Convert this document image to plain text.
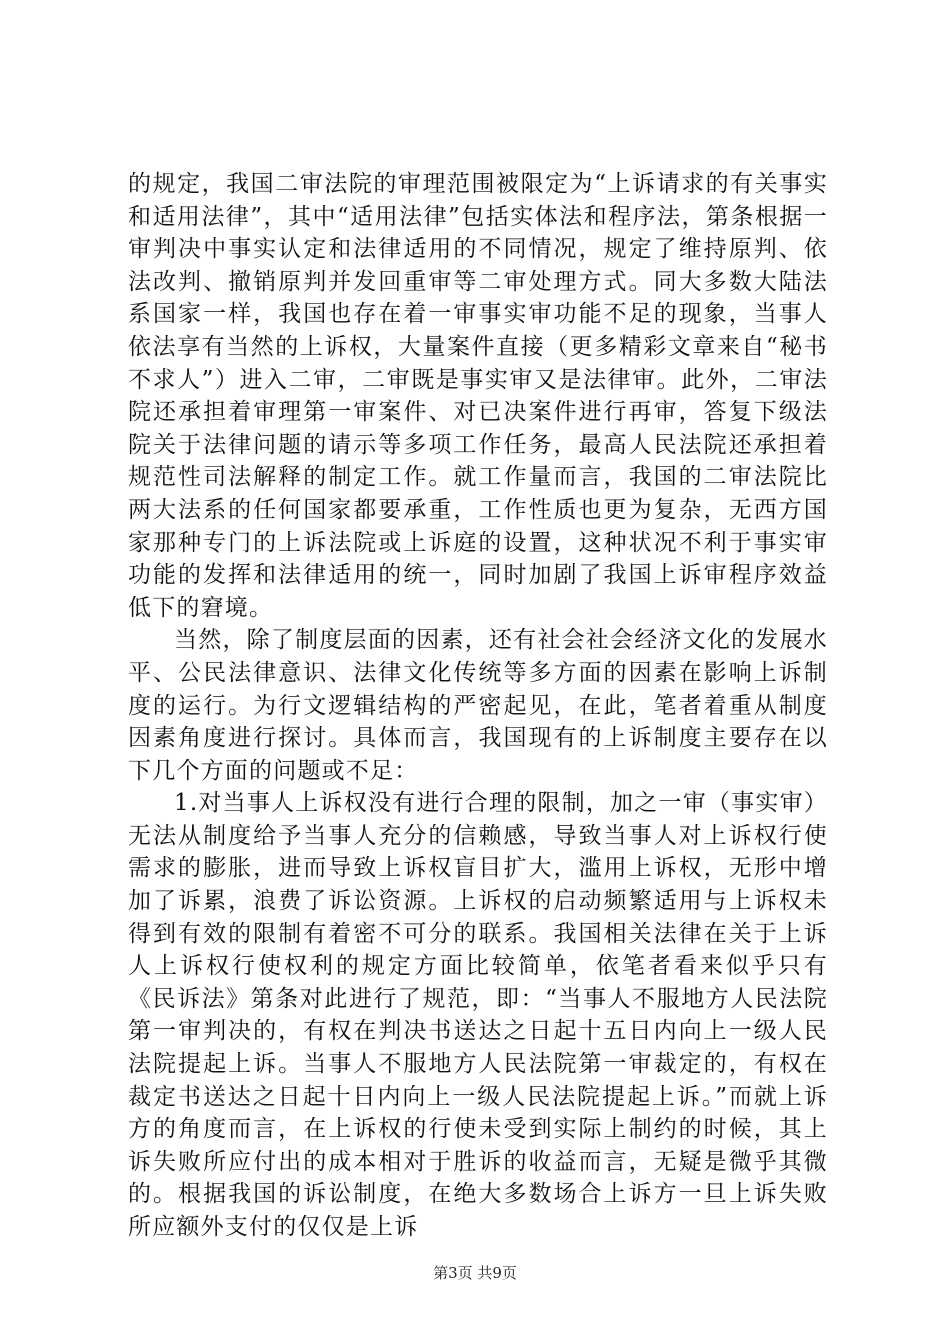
的规定，我国二审法院的审理范围被限定为“上诉请求的有关事实和适用法律”，其中“适用法律”包括实体法和程序法，第条根据一审判决中事实认定和法律适用的不同情况，规定了维持原判、依法改判、撤销原判并发回重审等二审处理方式。同大多数大陆法系国家一样，我国也存在着一审事实审功能不足的现象，当事人依法享有当然的上诉权，大量案件直接（更多精彩文章来自“秘书不求人”）进入二审，二审既是事实审又是法律审。此外，二审法院还承担着审理第一审案件、对已决案件进行再审，答复下级法院关于法律问题的请示等多项工作任务，最高人民法院还承担着规范性司法解释的制定工作。就工作量而言，我国的二审法院比两大法系的任何国家都要承重，工作性质也更为复杂，无西方国家那种专门的上诉法院或上诉庭的设置，这种状况不利于事实审功能的发挥和法律适用的统一，同时加剧了我国上诉审程序效益低下的窘境。

当然，除了制度层面的因素，还有社会社会经济文化的发展水平、公民法律意识、法律文化传统等多方面的因素在影响上诉制度的运行。为行文逻辑结构的严密起见，在此，笔者着重从制度因素角度进行探讨。具体而言，我国现有的上诉制度主要存在以下几个方面的问题或不足：

1.对当事人上诉权没有进行合理的限制，加之一审（事实审）无法从制度给予当事人充分的信赖感，导致当事人对上诉权行使需求的膨胀，进而导致上诉权盲目扩大，滥用上诉权，无形中增加了诉累，浪费了诉讼资源。上诉权的启动频繁适用与上诉权未得到有效的限制有着密不可分的联系。我国相关法律在关于上诉人上诉权行使权利的规定方面比较简单，依笔者看来似乎只有《民诉法》第条对此进行了规范，即：“当事人不服地方人民法院第一审判决的，有权在判决书送达之日起十五日内向上一级人民法院提起上诉。当事人不服地方人民法院第一审裁定的，有权在裁定书送达之日起十日内向上一级人民法院提起上诉。”而就上诉方的角度而言，在上诉权的行使未受到实际上制约的时候，其上诉失败所应付出的成本相对于胜诉的收益而言，无疑是微乎其微的。根据我国的诉讼制度，在绝大多数场合上诉方一旦上诉失败所应额外支付的仅仅是上诉

第3页 共9页
